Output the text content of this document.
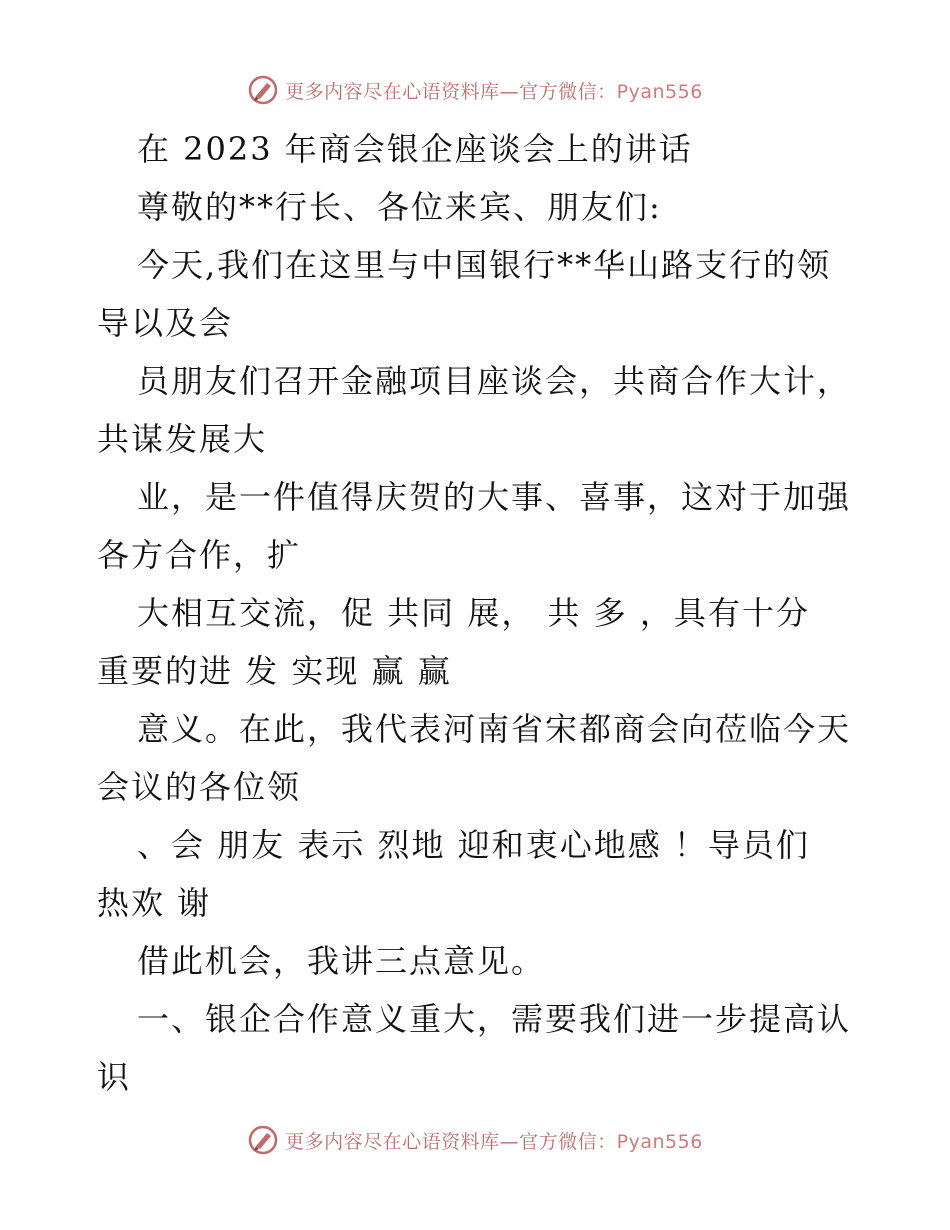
更多内容尽在心语资料库—官方微信：Pyan556
在 2023 年商会银企座谈会上的讲话
尊敬的**行长、各位来宾、朋友们:
今天,我们在这里与中国银行**华山路支行的领
导以及会
员朋友们召开金融项目座谈会，共商合作大计，
共谋发展大
业，是一件值得庆贺的大事、喜事，这对于加强
各方合作，扩
大相互交流，促 共同 展， 共 多 ，具有十分
重要的进 发 实现 赢 赢
意义。在此，我代表河南省宋都商会向莅临今天
会议的各位领
、会 朋友 表示 烈地 迎和衷心地感 ！导员们
热欢 谢
借此机会，我讲三点意见。
一、银企合作意义重大，需要我们进一步提高认
识
更多内容尽在心语资料库—官方微信：Pyan556
